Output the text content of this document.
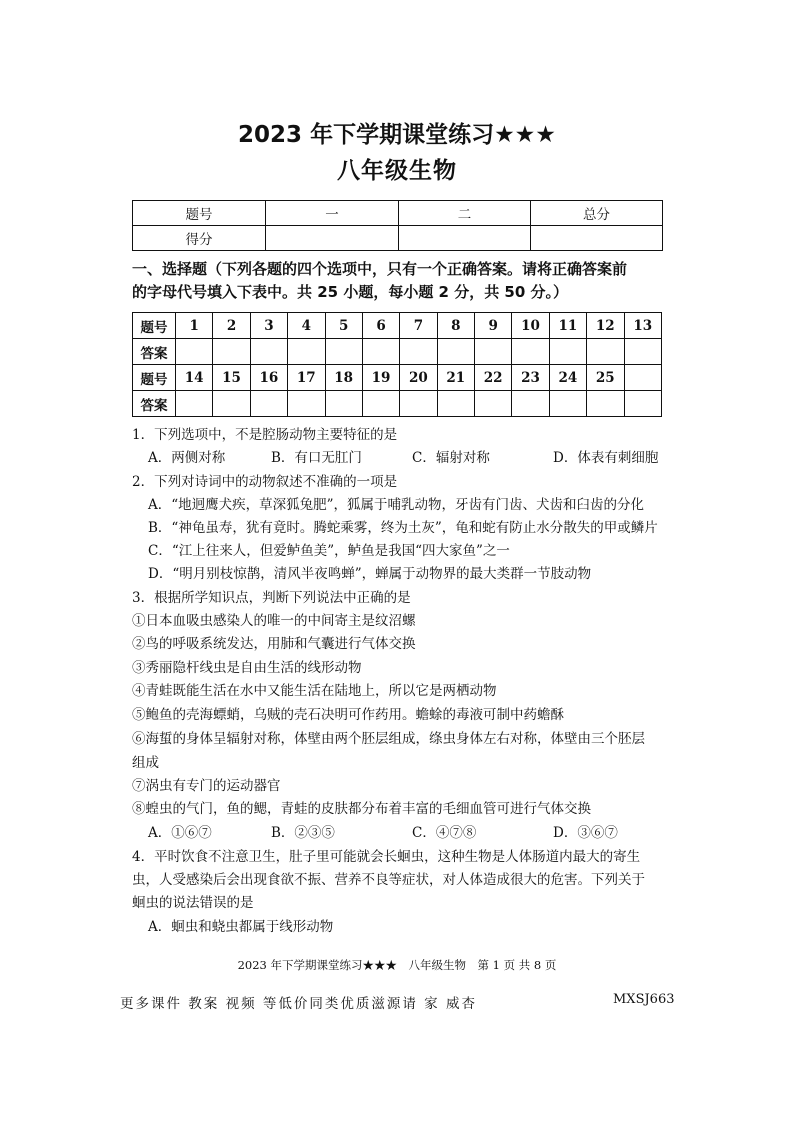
2023 年下学期课堂练习★★★
八年级生物
题号	一	二	总分
得分			
一、选择题（下列各题的四个选项中，只有一个正确答案。请将正确答案前
的字母代号填入下表中。共 25 小题，每小题 2 分，共 50 分。）
题号	1	2	3	4	5	6	7	8	9	10	11	12	13
答案													
题号	14	15	16	17	18	19	20	21	22	23	24	25	
答案													
1．下列选项中，不是腔肠动物主要特征的是
A．两侧对称	B．有口无肛门	C．辐射对称	D．体表有刺细胞
2．下列对诗词中的动物叙述不准确的一项是
A．“地迥鹰犬疾，草深狐兔肥”，狐属于哺乳动物，牙齿有门齿、犬齿和臼齿的分化
B．“神龟虽寿，犹有竟时。腾蛇乘雾，终为土灰”，龟和蛇有防止水分散失的甲或鳞片
C．“江上往来人，但爱鲈鱼美”，鲈鱼是我国“四大家鱼”之一
D．“明月别枝惊鹊，清风半夜鸣蝉”，蝉属于动物界的最大类群一节肢动物
3．根据所学知识点，判断下列说法中正确的是
①日本血吸虫感染人的唯一的中间寄主是纹沼螺
②鸟的呼吸系统发达，用肺和气囊进行气体交换
③秀丽隐杆线虫是自由生活的线形动物
④青蛙既能生活在水中又能生活在陆地上，所以它是两栖动物
⑤鲍鱼的壳海螵蛸，乌贼的壳石决明可作药用。蟾蜍的毒液可制中药蟾酥
⑥海蜇的身体呈辐射对称，体壁由两个胚层组成，绦虫身体左右对称，体壁由三个胚层
组成
⑦涡虫有专门的运动器官
⑧蝗虫的气门，鱼的鳃，青蛙的皮肤都分布着丰富的毛细血管可进行气体交换
A．①⑥⑦	B．②③⑤	C．④⑦⑧	D．③⑥⑦
4．平时饮食不注意卫生，肚子里可能就会长蛔虫，这种生物是人体肠道内最大的寄生
虫，人受感染后会出现食欲不振、营养不良等症状，对人体造成很大的危害。下列关于
蛔虫的说法错误的是
A．蛔虫和蛲虫都属于线形动物
2023 年下学期课堂练习★★★　八年级生物　第 1 页 共 8 页
更多课件 教案 视频 等低价同类优质滋源请 家 威杏	MXSJ663
